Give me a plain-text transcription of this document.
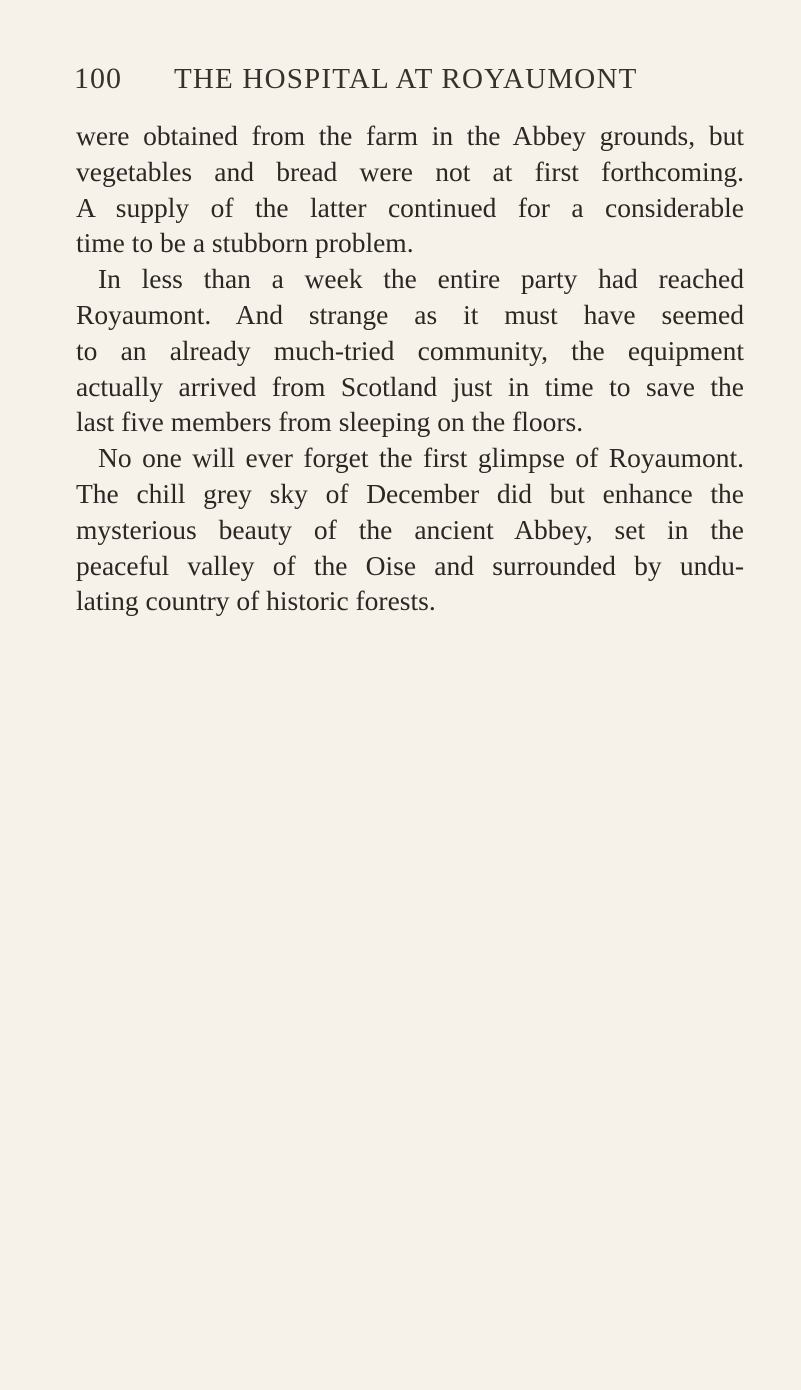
100	THE HOSPITAL AT ROYAUMONT
were obtained from the farm in the Abbey grounds, but
vegetables and bread were not at first forthcoming.
A supply of the latter continued for a considerable
time to be a stubborn problem.
In less than a week the entire party had reached
Royaumont. And strange as it must have seemed
to an already much-tried community, the equipment
actually arrived from Scotland just in time to save the
last five members from sleeping on the floors.
No one will ever forget the first glimpse of Royaumont.
The chill grey sky of December did but enhance the
mysterious beauty of the ancient Abbey, set in the
peaceful valley of the Oise and surrounded by undu-
lating country of historic forests.
